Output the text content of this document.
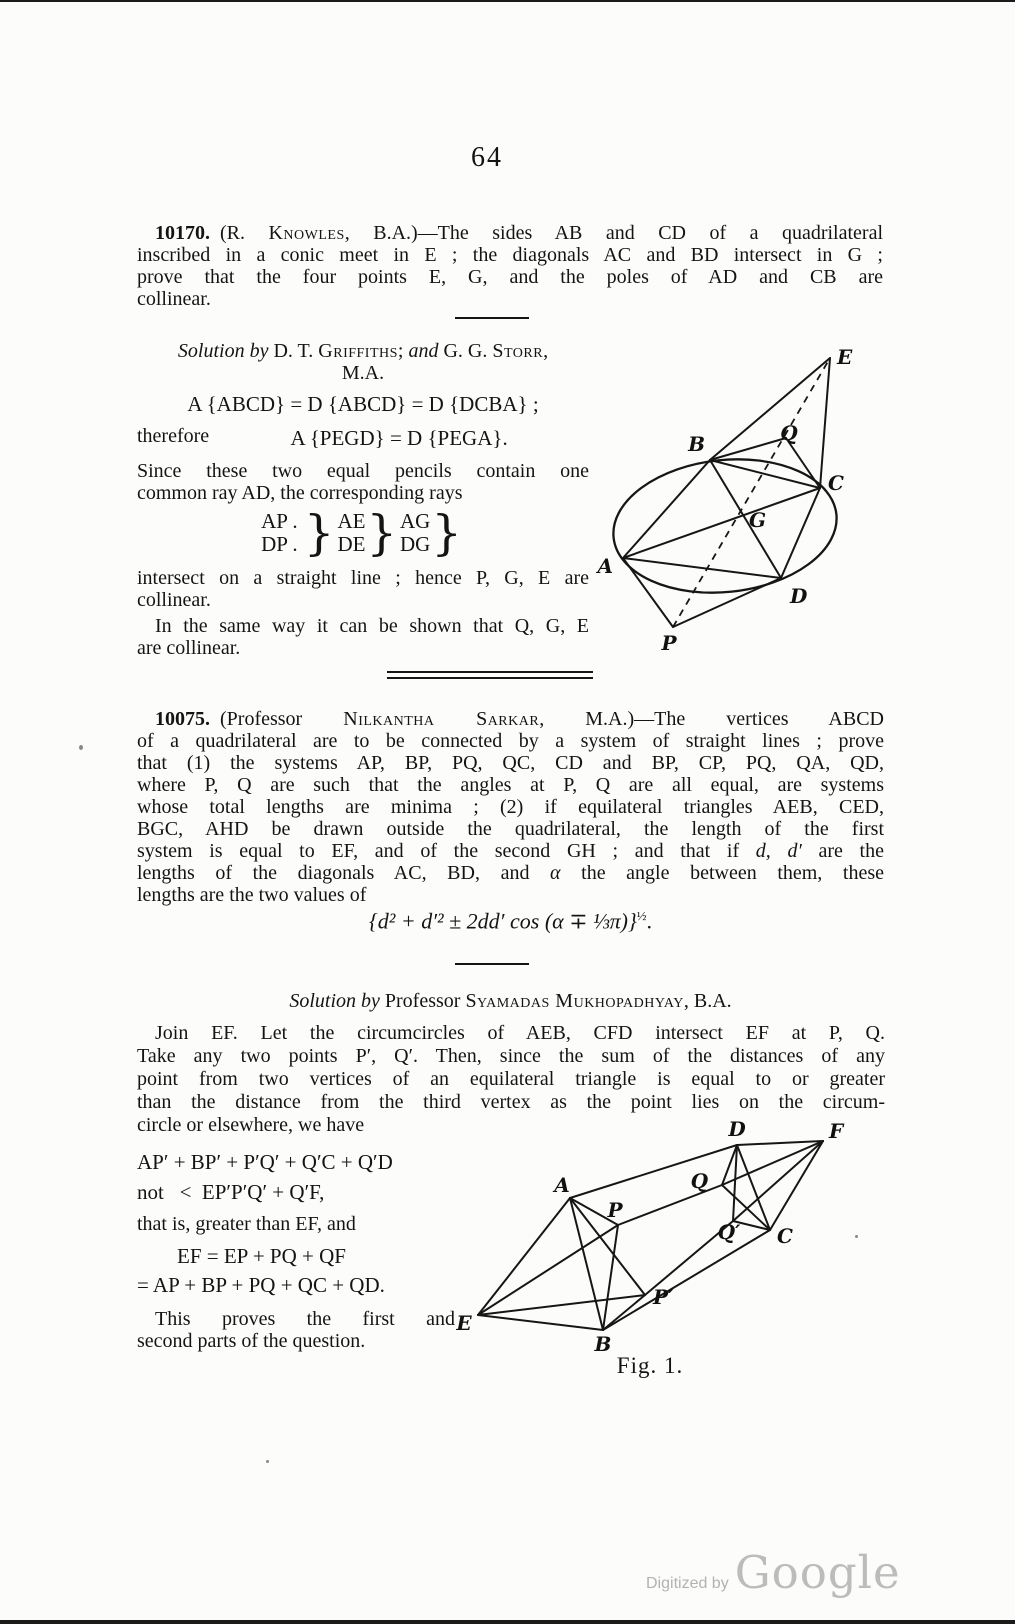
64
10170. (R. Knowles, B.A.)—The sides AB and CD of a quadrilateral
inscribed in a conic meet in E ; the diagonals AC and BD intersect in G ;
prove that the four points E, G, and the poles of AD and CB are
collinear.
Solution by D. T. Griffiths; and G. G. Storr,
M.A.
A {ABCD} = D {ABCD} = D {DCBA} ;
therefore	A {PEGD} = D {PEGA}.
Since these two equal pencils contain one
common ray AD, the corresponding rays
AP .
DP . } AE
DE } AG
DG }
intersect on a straight line ; hence P, G, E are
collinear.
In the same way it can be shown that Q, G, E
are collinear.
E
B	Q
C
G
A
D
P
10075. (Professor Nilkantha Sarkar, M.A.)—The vertices ABCD
of a quadrilateral are to be connected by a system of straight lines ; prove
that (1) the systems AP, BP, PQ, QC, CD and BP, CP, PQ, QA, QD,
where P, Q are such that the angles at P, Q are all equal, are systems
whose total lengths are minima ; (2) if equilateral triangles AEB, CED,
BGC, AHD be drawn outside the quadrilateral, the length of the first
system is equal to EF, and of the second GH ; and that if d, d′ are the
lengths of the diagonals AC, BD, and α the angle between them, these
lengths are the two values of
{d² + d′² ± 2dd′ cos (α ∓ ⅓π)}$^{\frac{1}{2}}$.
Solution by Professor Syamadas Mukhopadhyay, B.A.
Join EF. Let the circumcircles of AEB, CFD intersect EF at P, Q.
Take any two points P′, Q′. Then, since the sum of the distances of any
point from two vertices of an equilateral triangle is equal to or greater
than the distance from the third vertex as the point lies on the circum-
circle or elsewhere, we have
AP′ + BP′ + P′Q′ + Q′C + Q′D
not   <  EP′P′Q′ + Q′F,
that is, greater than EF, and
EF = EP + PQ + QF
= AP + BP + PQ + QC + QD.
This proves the first and
second parts of the question.
D	F
Q
A
Q′
P
C
P′
E
B
Fig. 1.
Digitized by Google
